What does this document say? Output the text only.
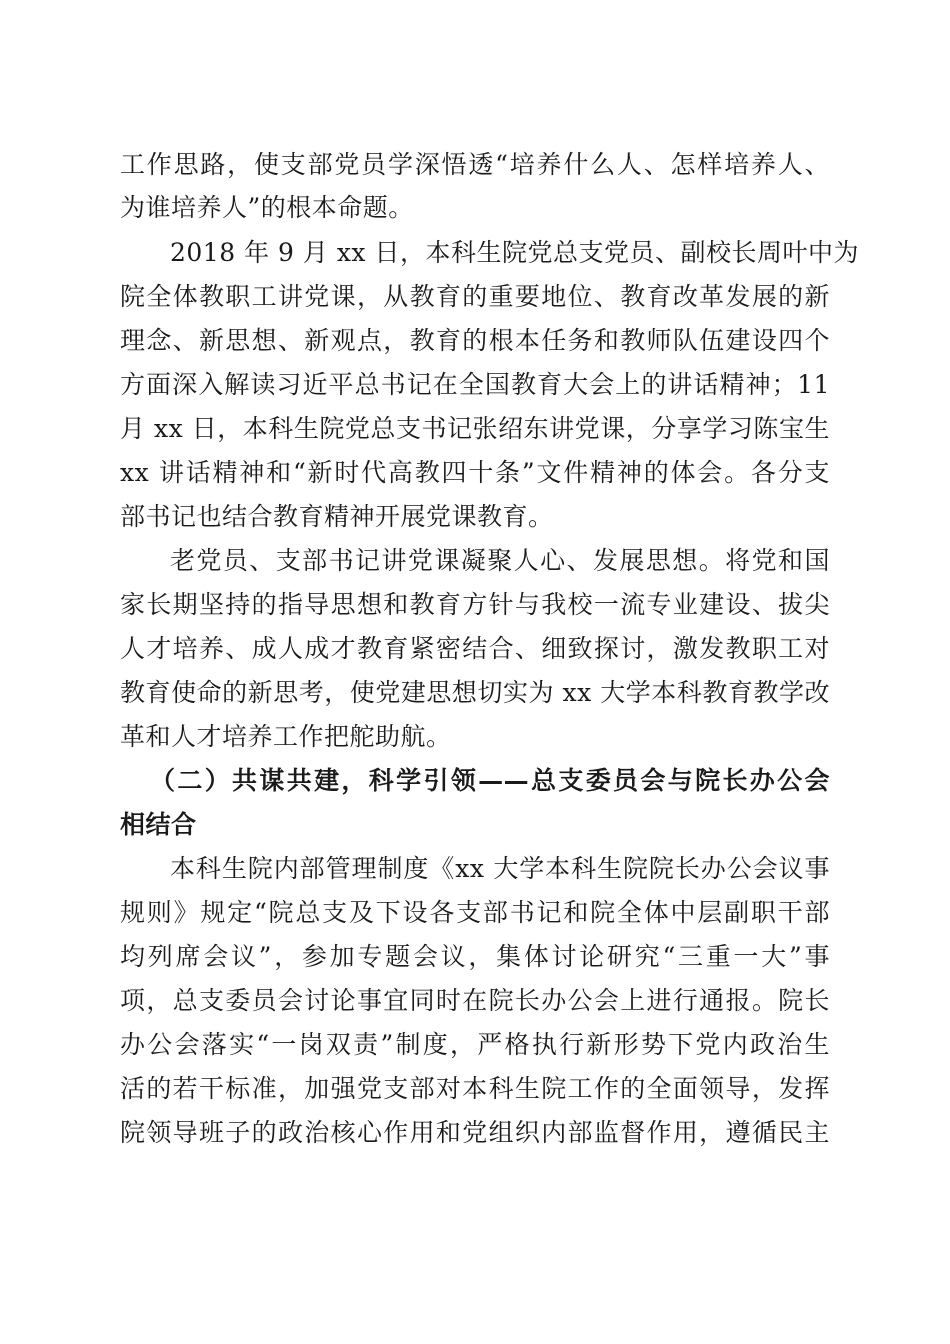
工作思路，使支部党员学深悟透“培养什么人、怎样培养人、
为谁培养人”的根本命题。
2018 年 9 月 xx 日，本科生院党总支党员、副校长周叶中为
院全体教职工讲党课，从教育的重要地位、教育改革发展的新
理念、新思想、新观点，教育的根本任务和教师队伍建设四个
方面深入解读习近平总书记在全国教育大会上的讲话精神；11
月 xx 日，本科生院党总支书记张绍东讲党课，分享学习陈宝生
xx 讲话精神和“新时代高教四十条”文件精神的体会。各分支
部书记也结合教育精神开展党课教育。
老党员、支部书记讲党课凝聚人心、发展思想。将党和国
家长期坚持的指导思想和教育方针与我校一流专业建设、拔尖
人才培养、成人成才教育紧密结合、细致探讨，激发教职工对
教育使命的新思考，使党建思想切实为 xx 大学本科教育教学改
革和人才培养工作把舵助航。
（二）共谋共建，科学引领——总支委员会与院长办公会
相结合
本科生院内部管理制度《xx 大学本科生院院长办公会议事
规则》规定“院总支及下设各支部书记和院全体中层副职干部
均列席会议”，参加专题会议，集体讨论研究“三重一大”事
项，总支委员会讨论事宜同时在院长办公会上进行通报。院长
办公会落实“一岗双责”制度，严格执行新形势下党内政治生
活的若干标准，加强党支部对本科生院工作的全面领导，发挥
院领导班子的政治核心作用和党组织内部监督作用，遵循民主
